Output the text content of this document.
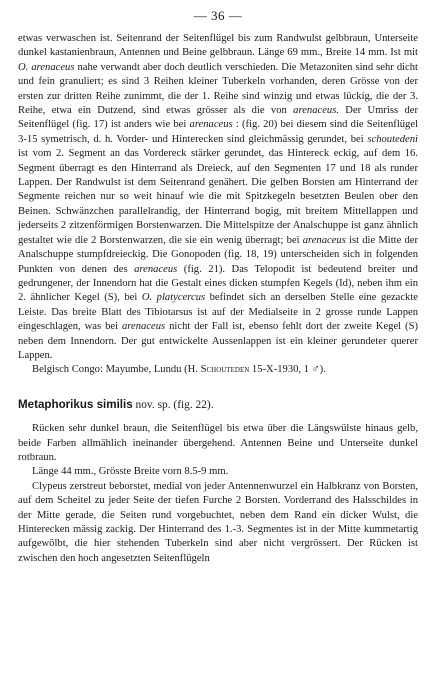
— 36 —

etwas verwaschen ist. Seitenrand der Seitenflügel bis zum Randwulst gelbbraun, Unterseite dunkel kastanienbraun, Antennen und Beine gelbbraun. Länge 69 mm., Breite 14 mm. Ist mit O. arenaceus nahe verwandt aber doch deutlich verschieden. Die Metazoniten sind sehr dicht und fein granuliert; es sind 3 Reihen kleiner Tuberkeln vorhanden, deren Grösse von der ersten zur dritten Reihe zunimmt, die der 1. Reihe sind winzig und etwas lückig, die der 3. Reihe, etwa ein Dutzend, sind etwas grösser als die von arenaceus. Der Umriss der Seitenflügel (fig. 17) ist anders wie bei arenaceus : (fig. 20) bei diesem sind die Seitenflügel 3-15 symetrisch, d. h. Vorder- und Hinterecken sind gleichmässig gerundet, bei schoutedeni ist vom 2. Segment an das Vordereck stärker gerundet, das Hintereck eckig, auf dem 16. Segment überragt es den Hinterrand als Dreieck, auf den Segmenten 17 und 18 als runder Lappen. Der Randwulst ist dem Seitenrand genähert. Die gelben Borsten am Hinterrand der Segmente reichen nur so weit hinauf wie die mit Spitzkegeln besetzten Beulen ober den Beinen. Schwänzchen parallelrandig, der Hinterrand bogig, mit breitem Mittellappen und jederseits 2 zitzenförmigen Borstenwarzen. Die Mittelspitze der Analschuppe ist ganz ähnlich gestaltet wie die 2 Borstenwarzen, die sie ein wenig überragt; bei arenaceus ist die Mitte der Analschuppe stumpfdreieckig. Die Gonopoden (fig. 18, 19) unterscheiden sich in folgenden Punkten von denen des arenaceus (fig. 21). Das Telopodit ist bedeutend breiter und gedrungener, der Innendorn hat die Gestalt eines dicken stumpfen Kegels (Id), neben ihm ein 2. ähnlicher Kegel (S), bei O. platycercus befindet sich an derselben Stelle eine gezackte Leiste. Das breite Blatt des Tibiotarsus ist auf der Medialseite in 2 grosse runde Lappen eingeschlagen, was bei arenaceus nicht der Fall ist, ebenso fehlt dort der zweite Kegel (S) neben dem Innendorn. Der gut entwickelte Aussenlappen ist ein kleiner gerundeter querer Lappen.

Belgisch Congo: Mayumbe, Lundu (H. Schouteden 15-X-1930, 1 ♂).

Metaphorikus similis nov. sp. (fig. 22).

Rücken sehr dunkel braun, die Seitenflügel bis etwa über die Längswülste hinaus gelb, beide Farben allmählich ineinander übergehend. Antennen Beine und Unterseite dunkel rotbraun.

Länge 44 mm., Grösste Breite vorn 8.5-9 mm.

Clypeus zerstreut beborstet, medial von jeder Antennenwurzel ein Halbkranz von Borsten, auf dem Scheitel zu jeder Seite der tiefen Furche 2 Borsten. Vorderrand des Halsschildes in der Mitte gerade, die Seiten rund vorgebuchtet, neben dem Rand ein dicker Wulst, die Hinterecken mässig zackig. Der Hinterrand des 1.-3. Segmentes ist in der Mitte kummetartig aufgewölbt, die hier stehenden Tuberkeln sind aber nicht vergrössert. Der Rücken ist zwischen den hoch angesetzten Seitenflügeln
